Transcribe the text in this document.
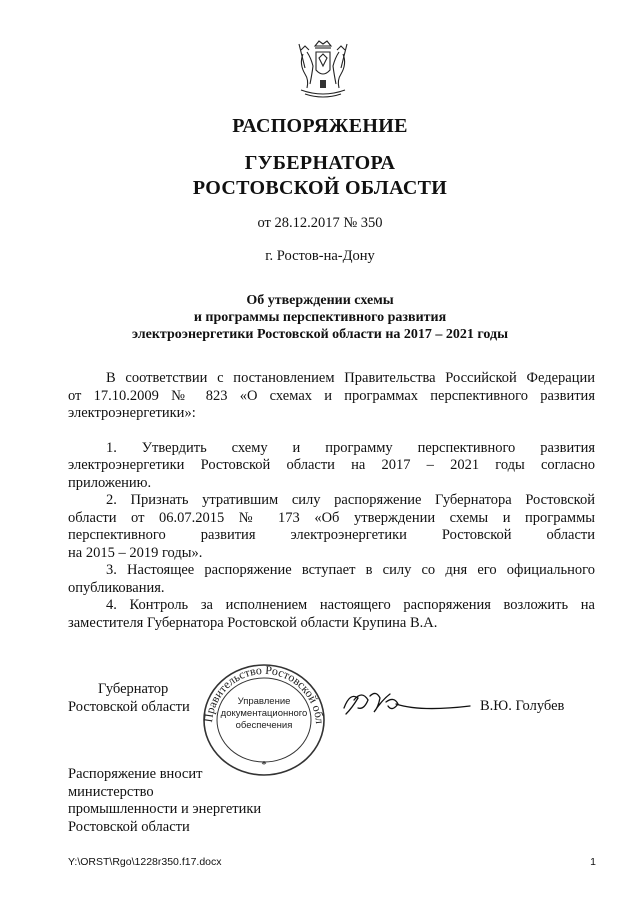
РАСПОРЯЖЕНИЕ
ГУБЕРНАТОРА
РОСТОВСКОЙ ОБЛАСТИ
от 28.12.2017 № 350
г. Ростов-на-Дону
Об утверждении схемы
и программы перспективного развития
электроэнергетики Ростовской области на 2017 – 2021 годы
В соответствии с постановлением Правительства Российской Федерации
от 17.10.2009 № 823 «О схемах и программах перспективного развития
электроэнергетики»:
1. Утвердить схему и программу перспективного развития
электроэнергетики Ростовской области на 2017 – 2021 годы согласно
приложению.
2. Признать утратившим силу распоряжение Губернатора Ростовской
области от 06.07.2015 № 173 «Об утверждении схемы и программы
перспективного развития электроэнергетики Ростовской области
на 2015 – 2019 годы».
3. Настоящее распоряжение вступает в силу со дня его официального
опубликования.
4. Контроль за исполнением настоящего распоряжения возложить на
заместителя Губернатора Ростовской области Крупина В.А.
Губернатор
Ростовской области
Правительство Ростовской обл
Управление
документационного
обеспечения
*
В.Ю. Голубев
Распоряжение вносит
министерство
промышленности и энергетики
Ростовской области
Y:\ORST\Rgo\1228r350.f17.docx	1
